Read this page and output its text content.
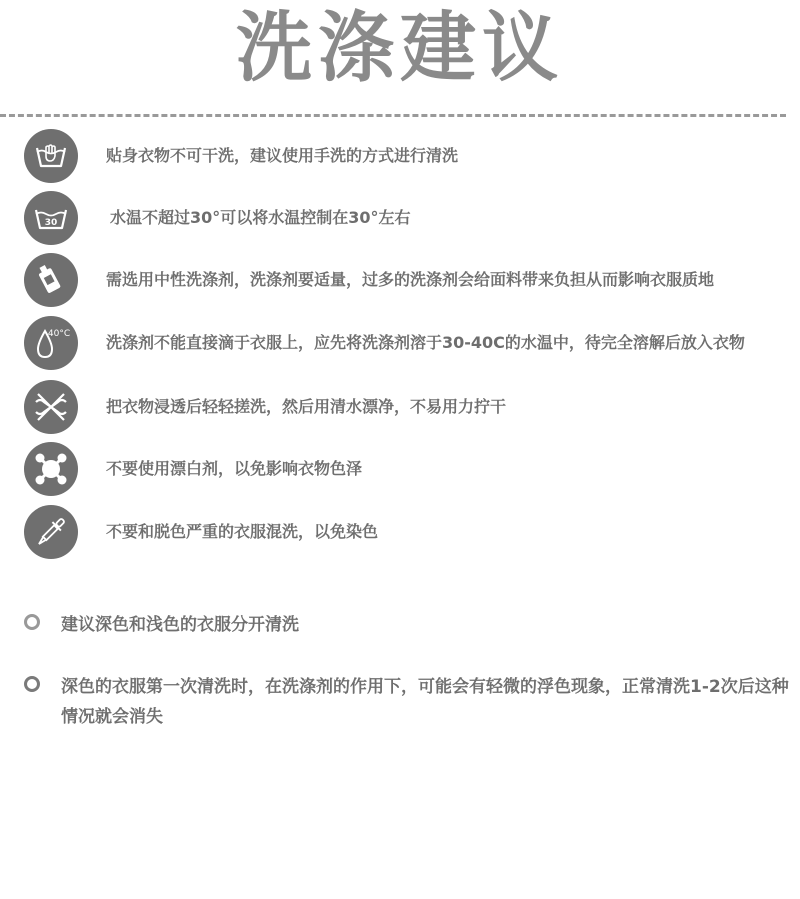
洗涤建议
贴身衣物不可干洗，建议使用手洗的方式进行清洗
30	水温不超过30°可以将水温控制在30°左右
需选用中性洗涤剂，洗涤剂要适量，过多的洗涤剂会给面料带来负担从而影响衣服质地
40°C 洗涤剂不能直接滴于衣服上，应先将洗涤剂溶于30-40C的水温中，待完全溶解后放入衣物
把衣物浸透后轻轻搓洗，然后用清水漂净，不易用力拧干
不要使用漂白剂，以免影响衣物色泽
不要和脱色严重的衣服混洗，以免染色
建议深色和浅色的衣服分开清洗
深色的衣服第一次清洗时，在洗涤剂的作用下，可能会有轻微的浮色现象，正常清洗1-2次后这种情况就会消失
